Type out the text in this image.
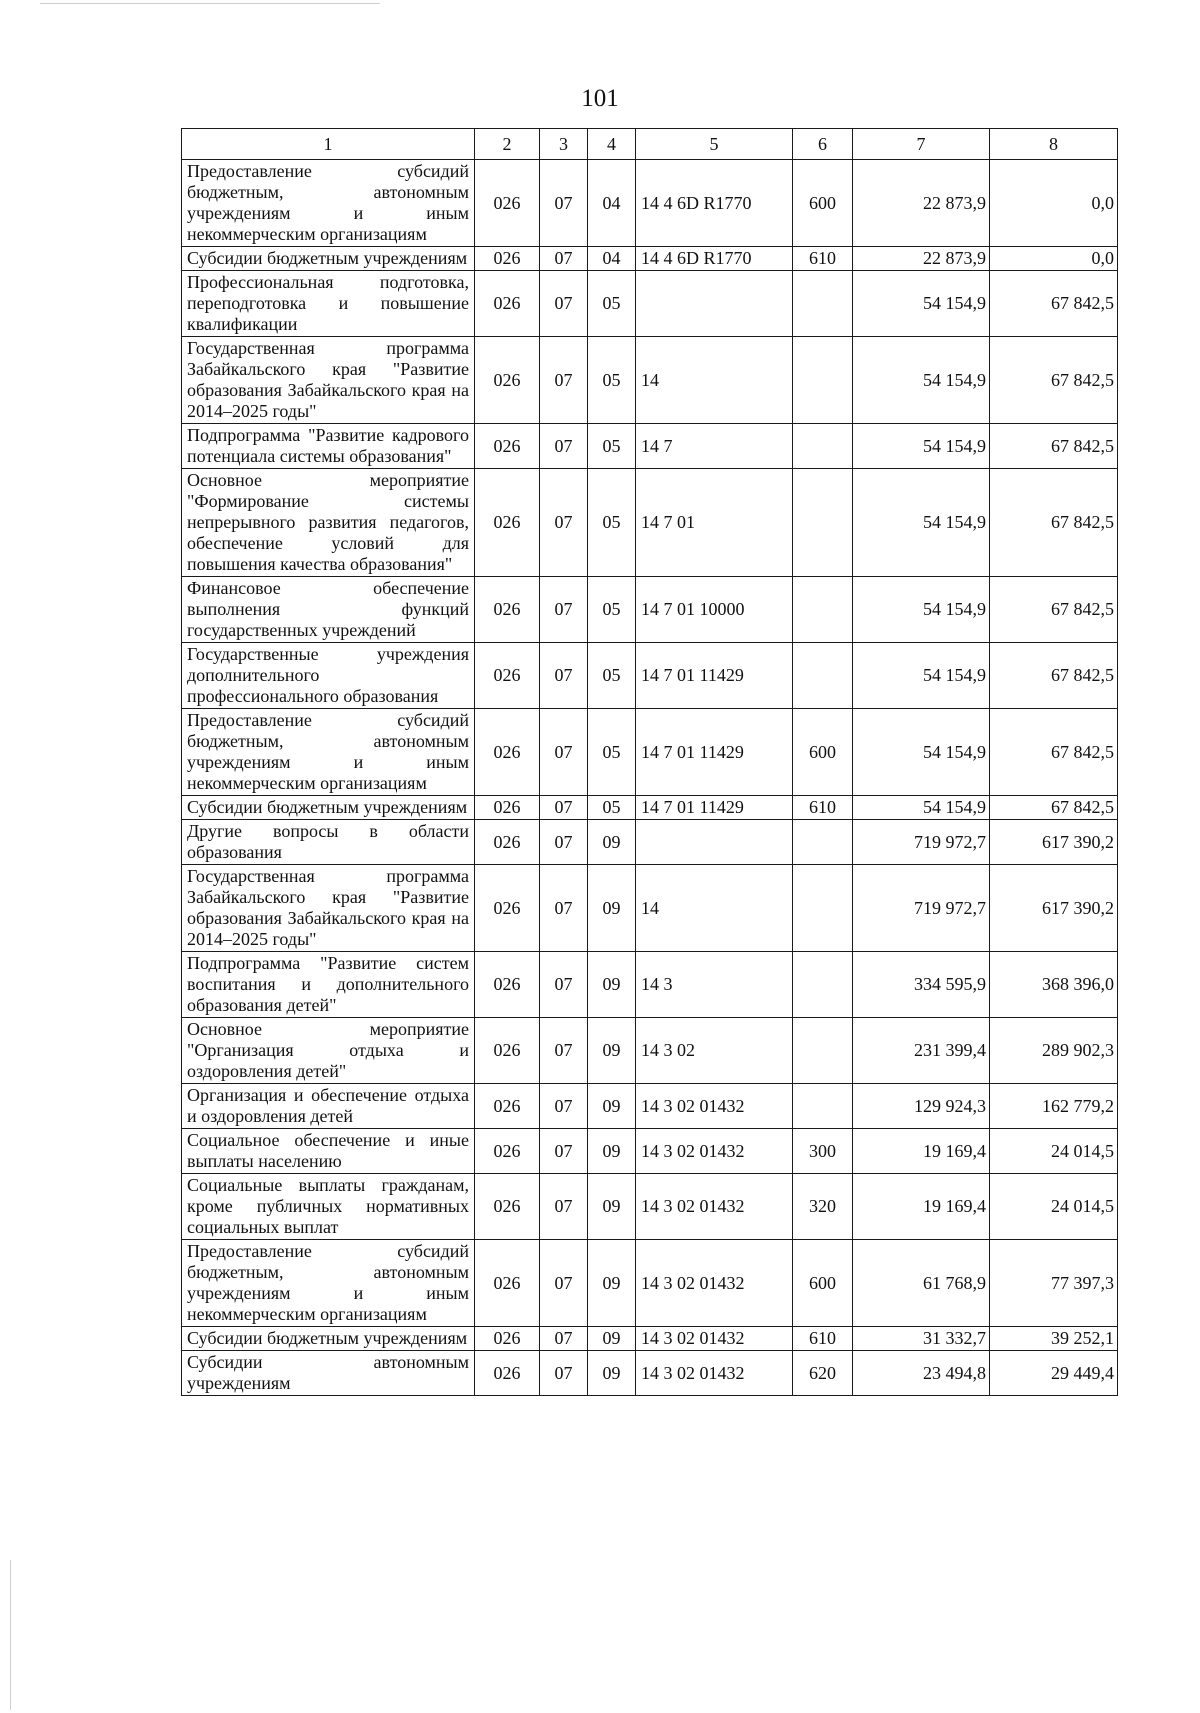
101
1	2	3	4	5	6	7	8
Предоставление субсидий бюджетным, автономным учреждениям и иным некоммерческим организациям	026	07	04	14 4 6D R1770	600	22 873,9	0,0
Субсидии бюджетным учреждениям	026	07	04	14 4 6D R1770	610	22 873,9	0,0
Профессиональная подготовка, переподготовка и повышение квалификации	026	07	05			54 154,9	67 842,5
Государственная программа Забайкальского края "Развитие образования Забайкальского края на 2014–2025 годы"	026	07	05	14		54 154,9	67 842,5
Подпрограмма "Развитие кадрового потенциала системы образования"	026	07	05	14 7		54 154,9	67 842,5
Основное мероприятие "Формирование системы непрерывного развития педагогов, обеспечение условий для повышения качества образования"	026	07	05	14 7 01		54 154,9	67 842,5
Финансовое обеспечение выполнения функций государственных учреждений	026	07	05	14 7 01 10000		54 154,9	67 842,5
Государственные учреждения дополнительного профессионального образования	026	07	05	14 7 01 11429		54 154,9	67 842,5
Предоставление субсидий бюджетным, автономным учреждениям и иным некоммерческим организациям	026	07	05	14 7 01 11429	600	54 154,9	67 842,5
Субсидии бюджетным учреждениям	026	07	05	14 7 01 11429	610	54 154,9	67 842,5
Другие вопросы в области образования	026	07	09			719 972,7	617 390,2
Государственная программа Забайкальского края "Развитие образования Забайкальского края на 2014–2025 годы"	026	07	09	14		719 972,7	617 390,2
Подпрограмма "Развитие систем воспитания и дополнительного образования детей"	026	07	09	14 3		334 595,9	368 396,0
Основное мероприятие "Организация отдыха и оздоровления детей"	026	07	09	14 3 02		231 399,4	289 902,3
Организация и обеспечение отдыха и оздоровления детей	026	07	09	14 3 02 01432		129 924,3	162 779,2
Социальное обеспечение и иные выплаты населению	026	07	09	14 3 02 01432	300	19 169,4	24 014,5
Социальные выплаты гражданам, кроме публичных нормативных социальных выплат	026	07	09	14 3 02 01432	320	19 169,4	24 014,5
Предоставление субсидий бюджетным, автономным учреждениям и иным некоммерческим организациям	026	07	09	14 3 02 01432	600	61 768,9	77 397,3
Субсидии бюджетным учреждениям	026	07	09	14 3 02 01432	610	31 332,7	39 252,1
Субсидии автономным учреждениям	026	07	09	14 3 02 01432	620	23 494,8	29 449,4
